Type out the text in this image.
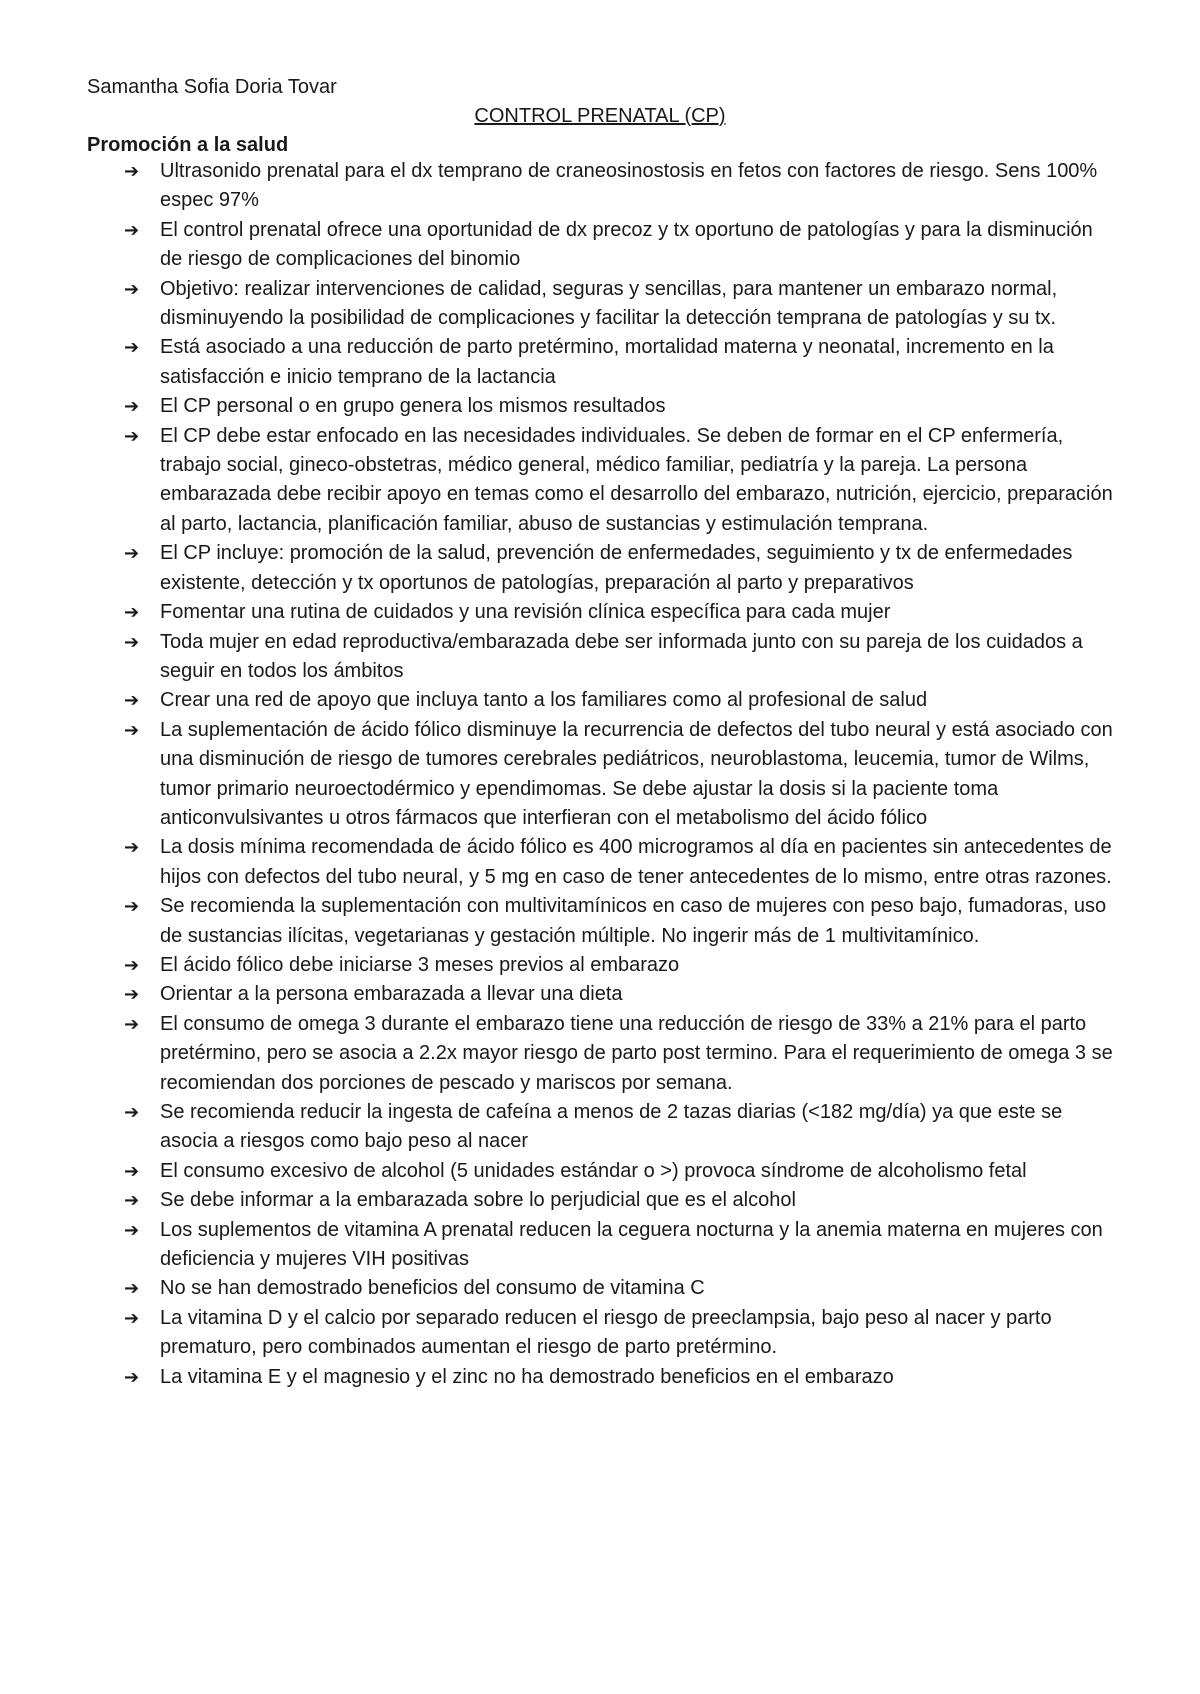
Samantha Sofia Doria Tovar
CONTROL PRENATAL (CP)
Promoción a la salud
➔	Ultrasonido prenatal para el dx temprano de craneosinostosis en fetos con factores de riesgo. Sens 100% espec 97%
➔	El control prenatal ofrece una oportunidad de dx precoz y tx oportuno de patologías y para la disminución de riesgo de complicaciones del binomio
➔	Objetivo: realizar intervenciones de calidad, seguras y sencillas, para mantener un embarazo normal, disminuyendo la posibilidad de complicaciones y facilitar la detección temprana de patologías y su tx.
➔	Está asociado a una reducción de parto pretérmino, mortalidad materna y neonatal, incremento en la satisfacción e inicio temprano de la lactancia
➔	El CP personal o en grupo genera los mismos resultados
➔	El CP debe estar enfocado en las necesidades individuales. Se deben de formar en el CP enfermería, trabajo social, gineco-obstetras, médico general, médico familiar, pediatría y la pareja. La persona embarazada debe recibir apoyo en temas como el desarrollo del embarazo, nutrición, ejercicio, preparación al parto, lactancia, planificación familiar, abuso de sustancias y estimulación temprana.
➔	El CP incluye: promoción de la salud, prevención de enfermedades, seguimiento y tx de enfermedades existente, detección y tx oportunos de patologías, preparación al parto y preparativos
➔	Fomentar una rutina de cuidados y una revisión clínica específica para cada mujer
➔	Toda mujer en edad reproductiva/embarazada debe ser informada junto con su pareja de los cuidados a seguir en todos los ámbitos
➔	Crear una red de apoyo que incluya tanto a los familiares como al profesional de salud
➔	La suplementación de ácido fólico disminuye la recurrencia de defectos del tubo neural y está asociado con una disminución de riesgo de tumores cerebrales pediátricos, neuroblastoma, leucemia, tumor de Wilms, tumor primario neuroectodérmico y ependimomas. Se debe ajustar la dosis si la paciente toma anticonvulsivantes u otros fármacos que interfieran con el metabolismo del ácido fólico
➔	La dosis mínima recomendada de ácido fólico es 400 microgramos al día en pacientes sin antecedentes de hijos con defectos del tubo neural, y 5 mg en caso de tener antecedentes de lo mismo, entre otras razones.
➔	Se recomienda la suplementación con multivitamínicos en caso de mujeres con peso bajo, fumadoras, uso de sustancias ilícitas, vegetarianas y gestación múltiple. No ingerir más de 1 multivitamínico.
➔	El ácido fólico debe iniciarse 3 meses previos al embarazo
➔	Orientar a la persona embarazada a llevar una dieta
➔	El consumo de omega 3 durante el embarazo tiene una reducción de riesgo de 33% a 21% para el parto pretérmino, pero se asocia a 2.2x mayor riesgo de parto post termino. Para el requerimiento de omega 3 se recomiendan dos porciones de pescado y mariscos por semana.
➔	Se recomienda reducir la ingesta de cafeína a menos de 2 tazas diarias (<182 mg/día) ya que este se asocia a riesgos como bajo peso al nacer
➔	El consumo excesivo de alcohol (5 unidades estándar o >) provoca síndrome de alcoholismo fetal
➔	Se debe informar a la embarazada sobre lo perjudicial que es el alcohol
➔	Los suplementos de vitamina A prenatal reducen la ceguera nocturna y la anemia materna en mujeres con deficiencia y mujeres VIH positivas
➔	No se han demostrado beneficios del consumo de vitamina C
➔	La vitamina D y el calcio por separado reducen el riesgo de preeclampsia, bajo peso al nacer y parto prematuro, pero combinados aumentan el riesgo de parto pretérmino.
➔	La vitamina E y el magnesio y el zinc no ha demostrado beneficios en el embarazo
